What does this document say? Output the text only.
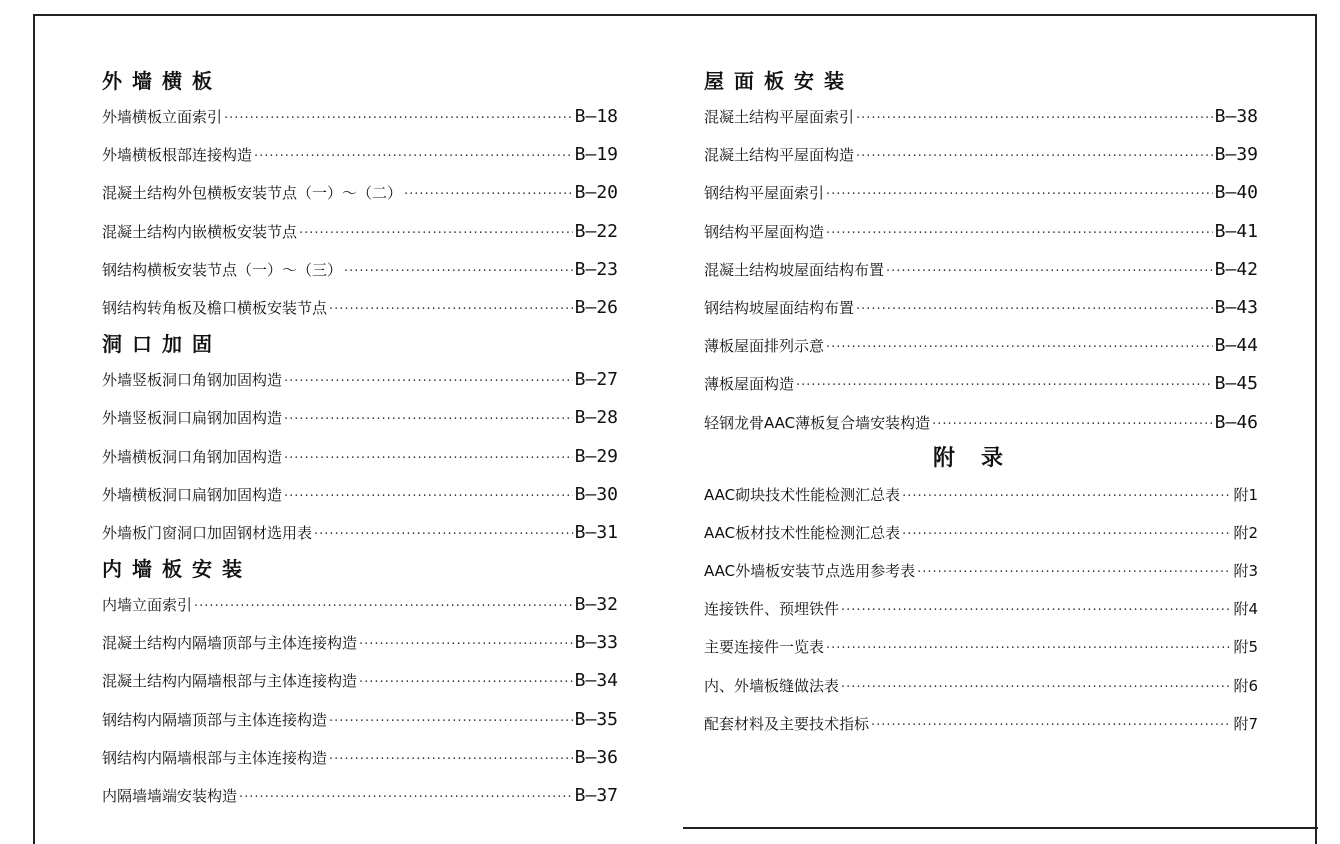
外墙横板
外墙横板立面索引 ·····	B–18
外墙横板根部连接构造 ·····	B–19
混凝土结构外包横板安装节点（一）～（二） ·····	B–20
混凝土结构内嵌横板安装节点 ·····	B–22
钢结构横板安装节点（一）～（三） ·····	B–23
钢结构转角板及檐口横板安装节点 ·····	B–26
洞口加固
外墙竖板洞口角钢加固构造 ·····	B–27
外墙竖板洞口扁钢加固构造 ·····	B–28
外墙横板洞口角钢加固构造 ·····	B–29
外墙横板洞口扁钢加固构造 ·····	B–30
外墙板门窗洞口加固钢材选用表 ·····	B–31
内墙板安装
内墙立面索引 ·····	B–32
混凝土结构内隔墙顶部与主体连接构造 ·····	B–33
混凝土结构内隔墙根部与主体连接构造 ·····	B–34
钢结构内隔墙顶部与主体连接构造 ·····	B–35
钢结构内隔墙根部与主体连接构造 ·····	B–36
内隔墙墙端安装构造 ·····	B–37
屋面板安装
混凝土结构平屋面索引 ·····	B–38
混凝土结构平屋面构造 ·····	B–39
钢结构平屋面索引 ·····	B–40
钢结构平屋面构造 ·····	B–41
混凝土结构坡屋面结构布置 ·····	B–42
钢结构坡屋面结构布置 ·····	B–43
薄板屋面排列示意 ·····	B–44
薄板屋面构造 ·····	B–45
轻钢龙骨AAC薄板复合墙安装构造 ·····	B–46
附录
AAC砌块技术性能检测汇总表 ·····	附1
AAC板材技术性能检测汇总表 ·····	附2
AAC外墙板安装节点选用参考表 ·····	附3
连接铁件、预埋铁件 ·····	附4
主要连接件一览表 ·····	附5
内、外墙板缝做法表 ·····	附6
配套材料及主要技术指标 ·····	附7
